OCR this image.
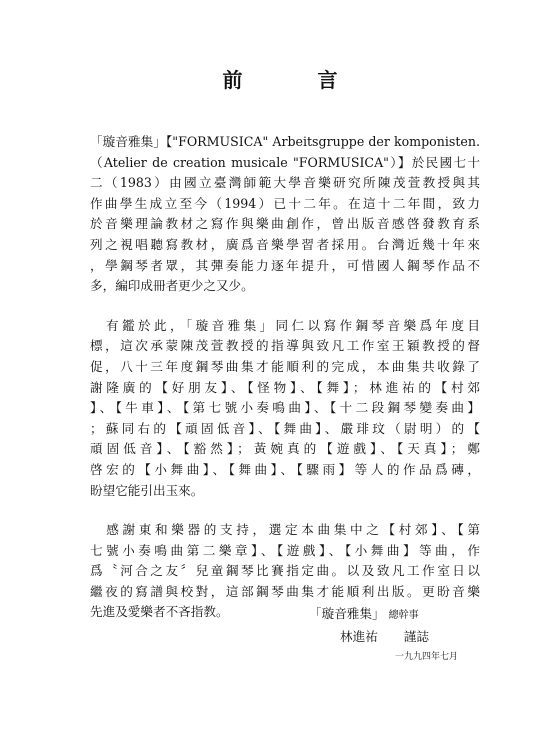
前 言

「璇音雅集」【"FORMUSICA" Arbeitsgruppe der komponisten.
（Atelier de creation musicale "FORMUSICA"）】於民國七十
二（1983）由國立臺灣師範大學音樂研究所陳茂萱教授與其
作曲學生成立至今（1994）已十二年。在這十二年間，致力
於音樂理論教材之寫作與樂曲創作，曾出版音感啓發教育系
列之視唱聽寫教材，廣爲音樂學習者採用。台灣近幾十年來
，學鋼琴者眾，其彈奏能力逐年提升，可惜國人鋼琴作品不
多，編印成冊者更少之又少。

　有鑑於此，「璇音雅集」同仁以寫作鋼琴音樂爲年度目
標，這次承蒙陳茂萱教授的指導與致凡工作室王穎教授的督
促，八十三年度鋼琴曲集才能順利的完成，本曲集共收錄了
謝隆廣的【好朋友】、【怪物】、【舞】；林進祐的【村郊
】、【牛車】、【第七號小奏鳴曲】、【十二段鋼琴變奏曲】
；蘇同右的【頑固低音】、【舞曲】、嚴琲玟（尉明）的【
頑固低音】、【豁然】；黃婉真的【遊戲】、【天真】；鄭
啓宏的【小舞曲】、【舞曲】、【驟雨】等人的作品爲磚，
盼望它能引出玉來。

　感謝東和樂器的支持，選定本曲集中之【村郊】、【第
七號小奏鳴曲第二樂章】、【遊戲】、【小舞曲】等曲，作
爲〝河合之友〞兒童鋼琴比賽指定曲。以及致凡工作室日以
繼夜的寫譜與校對，這部鋼琴曲集才能順利出版。更盼音樂
先進及愛樂者不吝指教。	「璇音雅集」 總幹事
林進祐 謹誌
一九九四年七月
